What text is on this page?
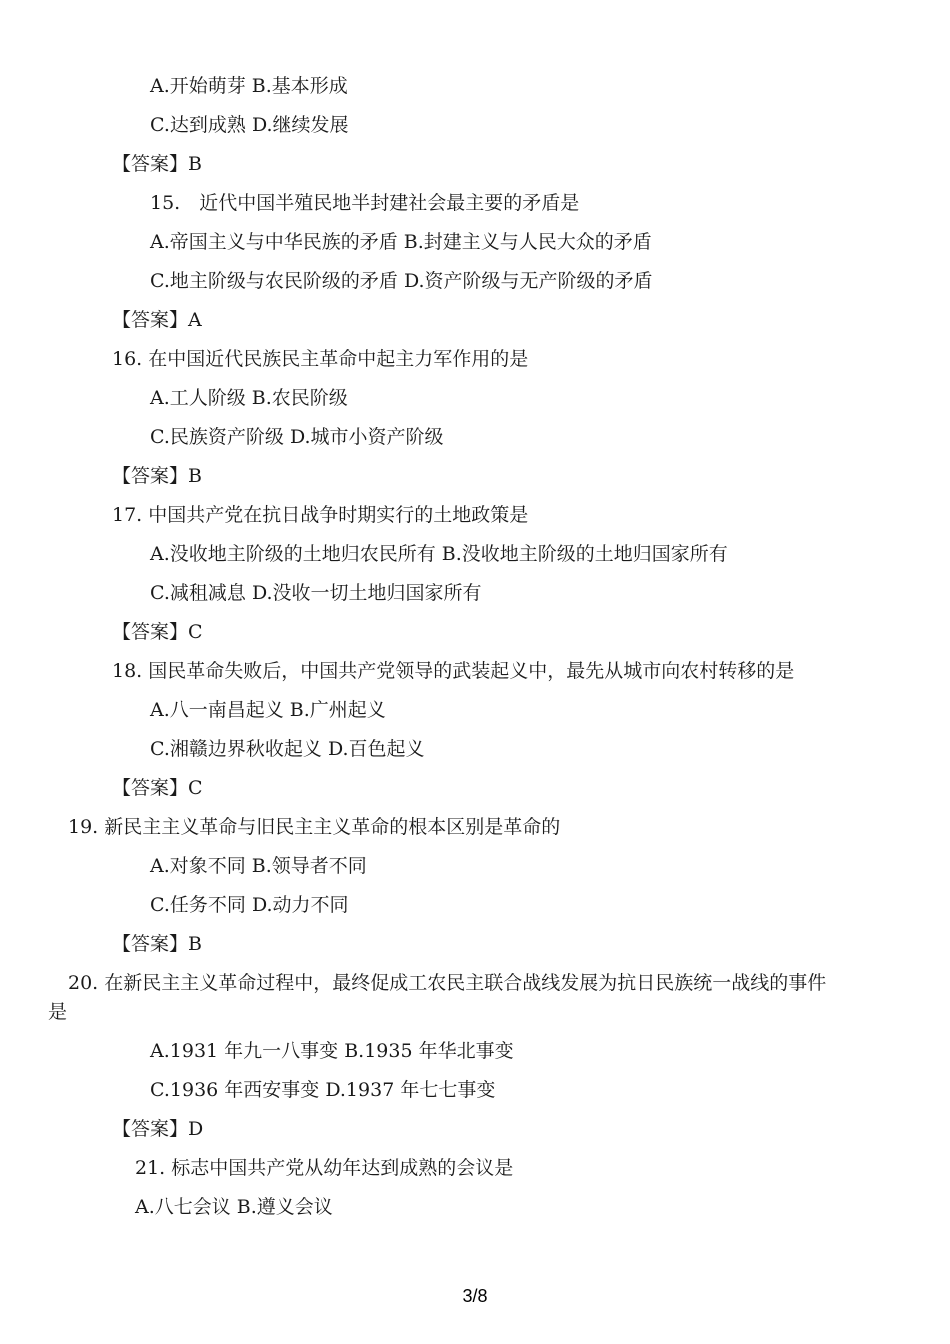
A.开始萌芽 B.基本形成
C.达到成熟 D.继续发展
【答案】B
15.　近代中国半殖民地半封建社会最主要的矛盾是
A.帝国主义与中华民族的矛盾 B.封建主义与人民大众的矛盾
C.地主阶级与农民阶级的矛盾 D.资产阶级与无产阶级的矛盾
【答案】A
16. 在中国近代民族民主革命中起主力军作用的是
A.工人阶级 B.农民阶级
C.民族资产阶级 D.城市小资产阶级
【答案】B
17. 中国共产党在抗日战争时期实行的土地政策是
A.没收地主阶级的土地归农民所有 B.没收地主阶级的土地归国家所有
C.减租减息 D.没收一切土地归国家所有
【答案】C
18. 国民革命失败后，中国共产党领导的武装起义中，最先从城市向农村转移的是
A.八一南昌起义 B.广州起义
C.湘赣边界秋收起义 D.百色起义
【答案】C
19. 新民主主义革命与旧民主主义革命的根本区别是革命的
A.对象不同 B.领导者不同
C.任务不同 D.动力不同
【答案】B
20. 在新民主主义革命过程中，最终促成工农民主联合战线发展为抗日民族统一战线的事件
是
A.1931 年九一八事变 B.1935 年华北事变
C.1936 年西安事变 D.1937 年七七事变
【答案】D
21. 标志中国共产党从幼年达到成熟的会议是
A.八七会议 B.遵义会议
3/8
